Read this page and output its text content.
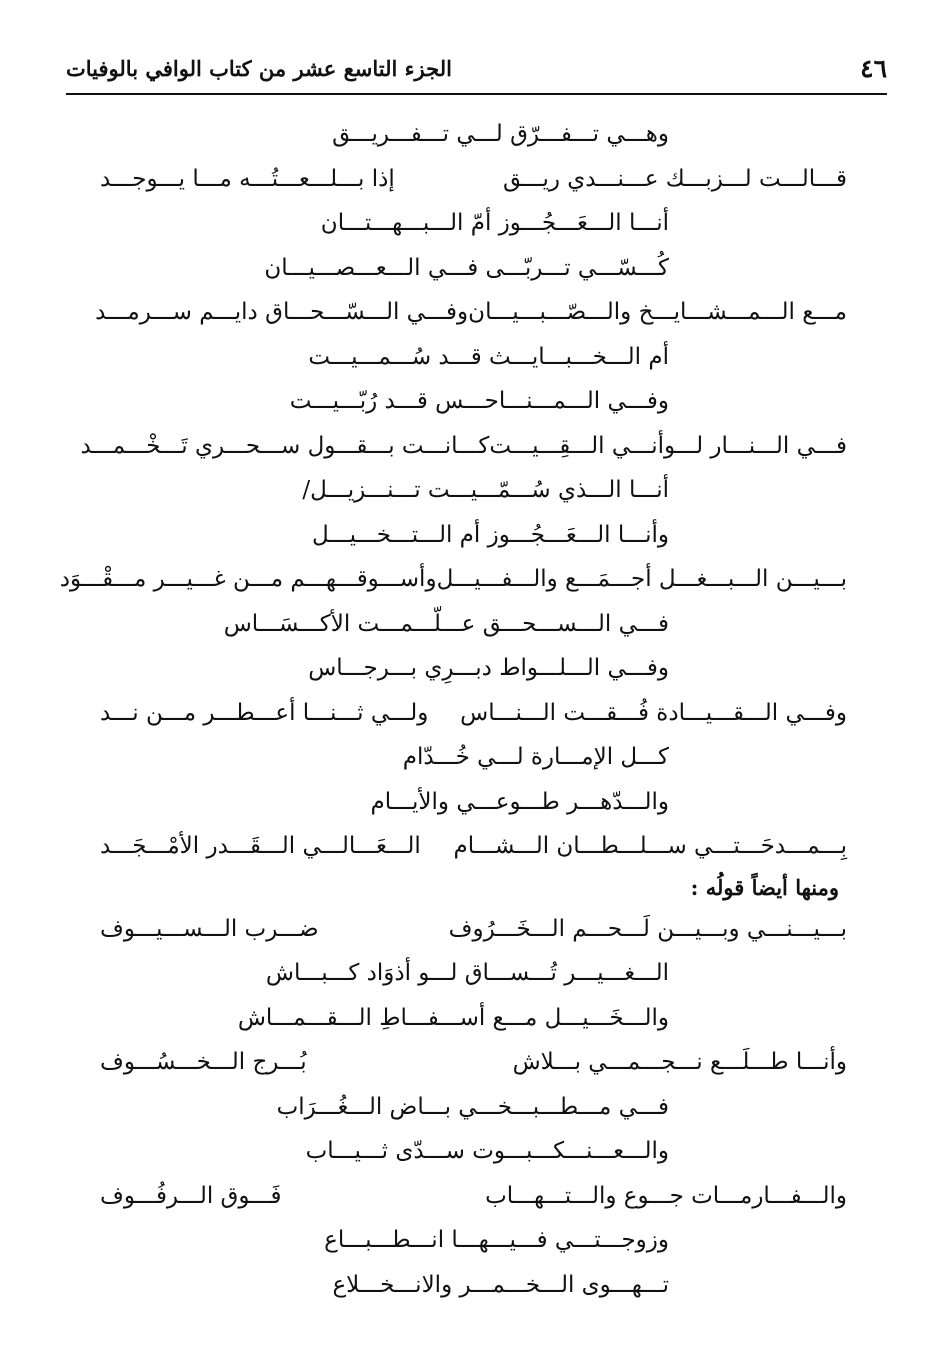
٤٦
الجزء التاسع عشر من كتاب الوافي بالوفيات
وهـــي تـــفـــرّق لـــي تـــفـــريـــق
قـــالـــت لـــزبـــك عـــنـــدي ريـــق
إذا بـــلـــعـــتُـــه مـــا يـــوجـــد
أنـــا الـــعَـــجُـــوز أمّ الـــبـــهـــتـــان
كُـــسّـــي تـــربّـــى فـــي الـــعـــصـــيـــان
مـــع الـــمـــشـــايـــخ والـــصّـــبـــيـــان
وفـــي الـــسّـــحـــاق دايـــم ســـرمـــد
أم الـــخـــبـــايـــث قـــد سُـــمـــيـــت
وفـــي الـــمـــنـــاحـــس قـــد رُبّـــيـــت
فـــي الـــنـــار لـــوأنـــي الـــقِـــيـــت
كـــانـــت بـــقـــول ســـحـــري تَـــخْـــمـــد
أنـــا الـــذي سُـــمّـــيـــت تـــنـــزيـــل/
وأنـــا الـــعَـــجُـــوز أم الـــتـــخـــيـــل
بـــيـــن الـــبـــغـــل أجـــمَـــع والـــفـــيـــل
وأســـوقـــهـــم مـــن غـــيـــر مـــقْـــوَد
فـــي الـــســـحـــق عـــلّـــمـــت الأكـــسَـــاس
وفـــي الـــلـــواط دبـــرِي بـــرجـــاس
وفـــي الـــقـــيـــادة فُـــقـــت الـــنـــاس
ولـــي ثـــنـــا أعـــطـــر مـــن نـــد
كـــل الإمـــارة لـــي خُـــدّام
والـــدّهـــر طـــوعـــي والأيـــام
بِـــمـــدحَـــتـــي ســـلـــطـــان الـــشـــام
الـــعَـــالـــي الـــقَـــدر الأمْـــجَـــد
ومنها أيضاً قولُه :
بـــيـــنـــي وبـــيـــن لَـــحـــم الـــخَـــرُوف
ضـــرب الـــســـيـــوف
الـــغـــيـــر تُـــســـاق لـــو أذوَاد كـــبـــاش
والـــخَـــيـــل مـــع أســـفـــاطِ الـــقـــمـــاش
وأنـــا طـــلَـــع نـــجـــمـــي بـــلاش
بُـــرج الـــخـــسُـــوف
فـــي مـــطـــبـــخـــي بـــاض الـــغُـــرَاب
والـــعـــنـــكـــبـــوت ســـدّى ثـــيـــاب
والـــفـــارمـــات جـــوع والـــتـــهـــاب
فَـــوق الـــرفُـــوف
وزوجـــتـــي فـــيـــهـــا انـــطـــبـــاع
تـــهـــوى الـــخـــمـــر والانـــخـــلاع
